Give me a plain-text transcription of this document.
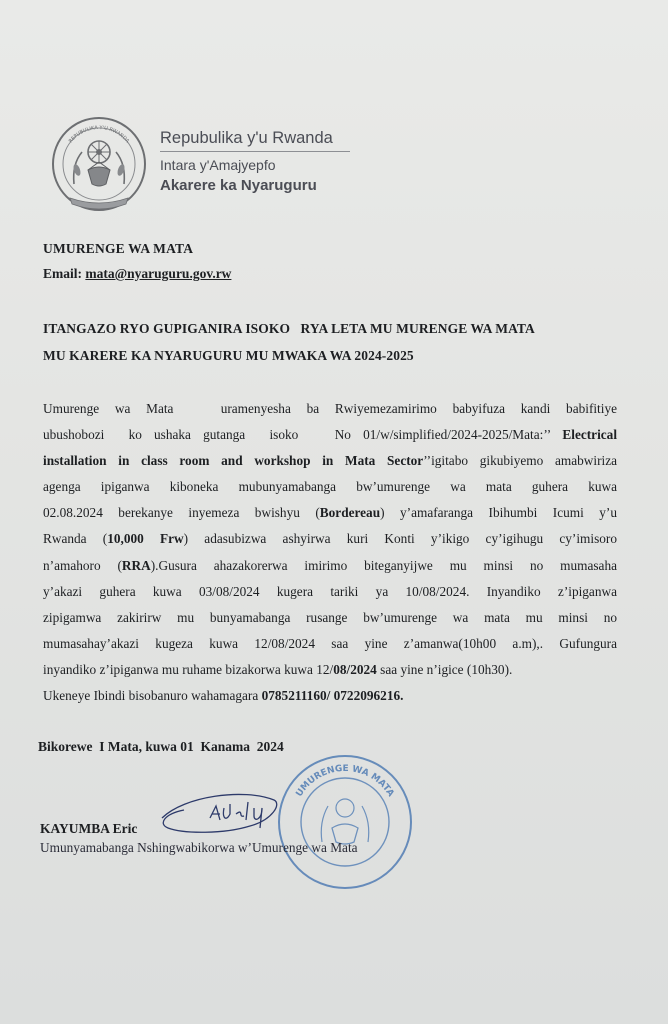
REPUBULIKA Y'U RWANDA Repubulika y'u Rwanda
Intara y'Amajyepfo
Akarere ka Nyaruguru
UMURENGE WA MATA
Email: mata@nyaruguru.gov.rw
ITANGAZO RYO GUPIGANIRA ISOKO   RYA LETA MU MURENGE WA MATA
MU KARERE KA NYARUGURU MU MWAKA WA 2024-2025
Umurenge wa Mata   uramenyesha ba Rwiyemezamirimo babyifuza kandi babifitiye
ubushobozi  ko ushaka gutanga  isoko   No 01/w/simplified/2024-2025/Mata:’’ Electrical
installation in class room and workshop in Mata Sector’’igitabo gikubiyemo amabwiriza
agenga ipiganwa kiboneka mubunyamabanga bw’umurenge wa mata guhera kuwa
02.08.2024 berekanye inyemeza bwishyu (Bordereau) y’amafaranga Ibihumbi Icumi y’u
Rwanda (10,000 Frw) adasubizwa ashyirwa kuri Konti y’ikigo cy’igihugu cy’imisoro
n’amahoro (RRA).Gusura ahazakorerwa imirimo biteganyijwe mu minsi no mumasaha
y’akazi guhera kuwa 03/08/2024 kugera tariki ya 10/08/2024. Inyandiko z’ipiganwa
zipigamwa zakirirw mu bunyamabanga rusange bw’umurenge wa mata mu minsi no
mumasahay’akazi kugeza kuwa 12/08/2024 saa yine z’amanwa(10h00 a.m),. Gufungura
inyandiko z’ipiganwa mu ruhame bizakorwa kuwa 12/08/2024 saa yine n’igice (10h30).
Ukeneye Ibindi bisobanuro wahamagara 0785211160/ 0722096216.
Bikorewe  I Mata, kuwa 01  Kanama  2024
UMURENGE WA MATA
KAYUMBA Eric
Umunyamabanga Nshingwabikorwa w’Umurenge wa Mata
